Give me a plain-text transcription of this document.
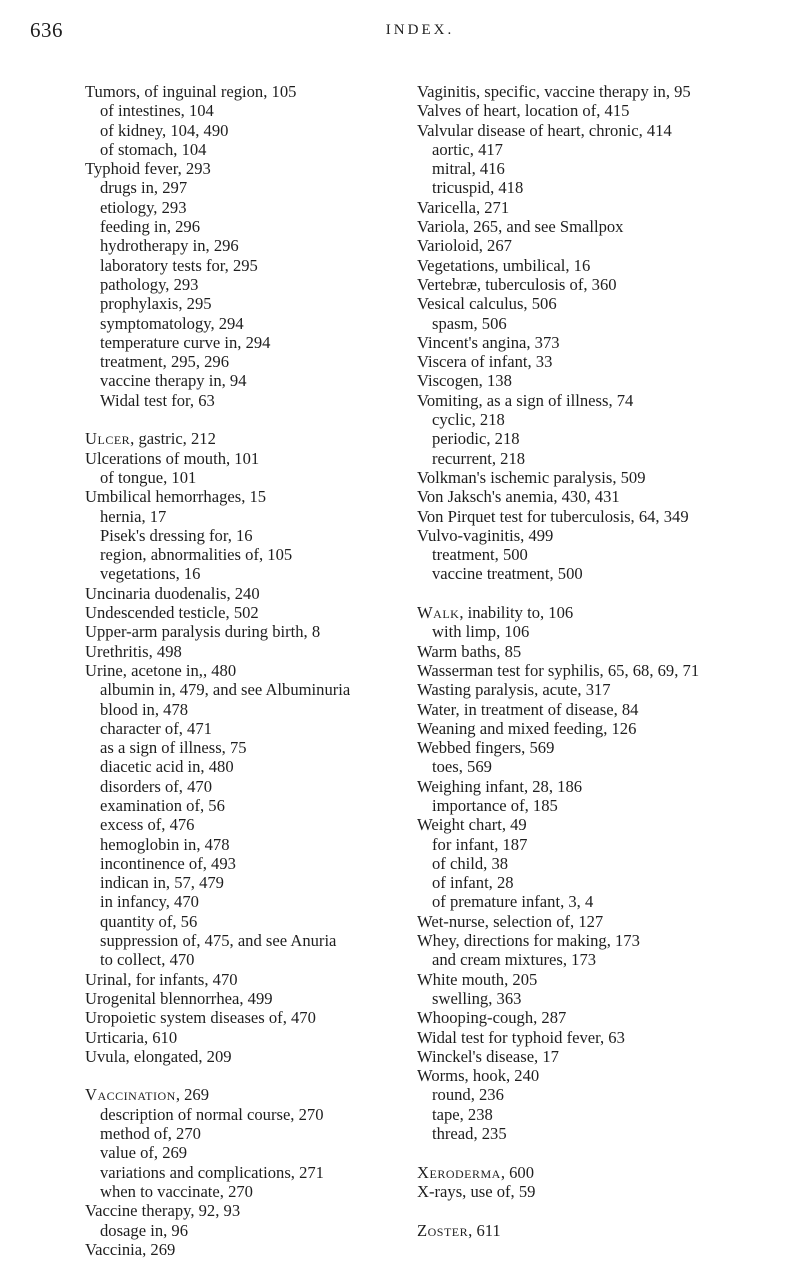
636	INDEX.
Tumors, of inguinal region, 105
of intestines, 104
of kidney, 104, 490
of stomach, 104
Typhoid fever, 293
drugs in, 297
etiology, 293
feeding in, 296
hydrotherapy in, 296
laboratory tests for, 295
pathology, 293
prophylaxis, 295
symptomatology, 294
temperature curve in, 294
treatment, 295, 296
vaccine therapy in, 94
Widal test for, 63
Ulcer, gastric, 212
Ulcerations of mouth, 101
of tongue, 101
Umbilical hemorrhages, 15
hernia, 17
Pisek's dressing for, 16
region, abnormalities of, 105
vegetations, 16
Uncinaria duodenalis, 240
Undescended testicle, 502
Upper-arm paralysis during birth, 8
Urethritis, 498
Urine, acetone in,, 480
albumin in, 479, and see Albuminuria
blood in, 478
character of, 471
as a sign of illness, 75
diacetic acid in, 480
disorders of, 470
examination of, 56
excess of, 476
hemoglobin in, 478
incontinence of, 493
indican in, 57, 479
in infancy, 470
quantity of, 56
suppression of, 475, and see Anuria
to collect, 470
Urinal, for infants, 470
Urogenital blennorrhea, 499
Uropoietic system diseases of, 470
Urticaria, 610
Uvula, elongated, 209
Vaccination, 269
description of normal course, 270
method of, 270
value of, 269
variations and complications, 271
when to vaccinate, 270
Vaccine therapy, 92, 93
dosage in, 96
Vaccinia, 269
Vaginitis, specific, vaccine therapy in, 95
Valves of heart, location of, 415
Valvular disease of heart, chronic, 414
aortic, 417
mitral, 416
tricuspid, 418
Varicella, 271
Variola, 265, and see Smallpox
Varioloid, 267
Vegetations, umbilical, 16
Vertebræ, tuberculosis of, 360
Vesical calculus, 506
spasm, 506
Vincent's angina, 373
Viscera of infant, 33
Viscogen, 138
Vomiting, as a sign of illness, 74
cyclic, 218
periodic, 218
recurrent, 218
Volkman's ischemic paralysis, 509
Von Jaksch's anemia, 430, 431
Von Pirquet test for tuberculosis, 64, 349
Vulvo-vaginitis, 499
treatment, 500
vaccine treatment, 500
Walk, inability to, 106
with limp, 106
Warm baths, 85
Wasserman test for syphilis, 65, 68, 69, 71
Wasting paralysis, acute, 317
Water, in treatment of disease, 84
Weaning and mixed feeding, 126
Webbed fingers, 569
toes, 569
Weighing infant, 28, 186
importance of, 185
Weight chart, 49
for infant, 187
of child, 38
of infant, 28
of premature infant, 3, 4
Wet-nurse, selection of, 127
Whey, directions for making, 173
and cream mixtures, 173
White mouth, 205
swelling, 363
Whooping-cough, 287
Widal test for typhoid fever, 63
Winckel's disease, 17
Worms, hook, 240
round, 236
tape, 238
thread, 235
Xeroderma, 600
X-rays, use of, 59
Zoster, 611
